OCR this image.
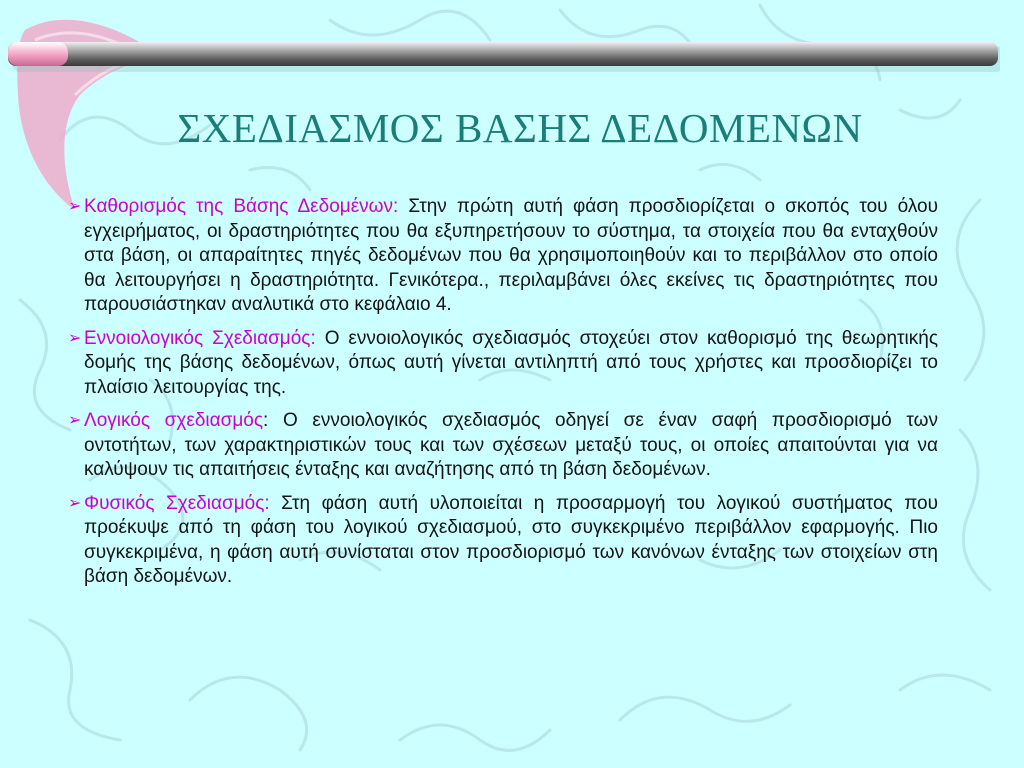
ΣΧΕΔΙΑΣΜΟΣ ΒΑΣΗΣ ΔΕΔΟΜΕΝΩΝ
➢ Καθορισμός της Βάσης Δεδομένων: Στην πρώτη αυτή φάση προσδιορίζεται ο σκοπός του όλου εγχειρήματος, οι δραστηριότητες που θα εξυπηρετήσουν το σύστημα, τα στοιχεία που θα ενταχθούν στα βάση, οι απαραίτητες πηγές δεδομένων που θα χρησιμοποιηθούν και το περιβάλλον στο οποίο θα λειτουργήσει η δραστηριότητα. Γενικότερα., περιλαμβάνει όλες εκείνες τις δραστηριότητες που παρουσιάστηκαν αναλυτικά στο κεφάλαιο 4.
➢ Εννοιολογικός Σχεδιασμός: Ο εννοιολογικός σχεδιασμός στοχεύει στον καθορισμό της θεωρητικής δομής της βάσης δεδομένων, όπως αυτή γίνεται αντιληπτή από τους χρήστες και προσδιορίζει το πλαίσιο λειτουργίας της.
➢ Λογικός σχεδιασμός: Ο εννοιολογικός σχεδιασμός οδηγεί σε έναν σαφή προσδιορισμό των οντοτήτων, των χαρακτηριστικών τους και των σχέσεων μεταξύ τους, οι οποίες απαιτούνται για να καλύψουν τις απαιτήσεις ένταξης και αναζήτησης από τη βάση δεδομένων.
➢ Φυσικός Σχεδιασμός: Στη φάση αυτή υλοποιείται η προσαρμογή του λογικού συστήματος που προέκυψε από τη φάση του λογικού σχεδιασμού, στο συγκεκριμένο περιβάλλον εφαρμογής. Πιο συγκεκριμένα, η φάση αυτή συνίσταται στον προσδιορισμό των κανόνων ένταξης των στοιχείων στη βάση δεδομένων.
